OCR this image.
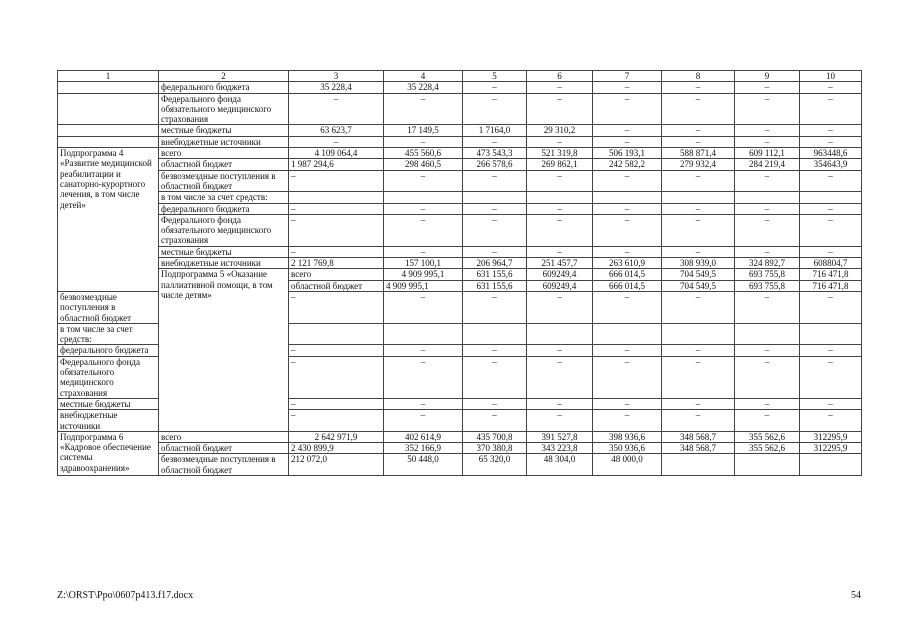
1	2	3	4	5	6	7	8	9	10	
	федерального бюджета	35 228,4	35 228,4	–	–	–	–	–	–	
	Федерального фонда обязательного медицинского страхования	–	–	–	–	–	–	–	–	
	местные бюджеты	63 623,7	17 149,5	1 7164,0	29 310,2	–	–	–	–	
	внебюджетные источники	–	–	–	–	–	–	–	–	
Подпрограмма 4 «Развитие медицинской реабилитации и санаторно-курортного лечения, в том числе детей»	всего	4 109 064,4	455 560,6	473 543,3	521 319,8	506 193,1	588 871,4	609 112,1	963448,6	
	областной бюджет	1 987 294,6	298 460,5	266 578,6	269 862,1	242 582,2	279 932,4	284 219,4	354643,9	
	безвозмездные поступления в областной бюджет	–	–	–	–	–	–	–	–	
	в том числе за счет средств:									
	федерального бюджета	–	–	–	–	–	–	–	–	
	Федерального фонда обязательного медицинского страхования	–	–	–	–	–	–	–	–	
	местные бюджеты	–	–	–	–	–	–	–	–	
	внебюджетные источники	2 121 769,8	157 100,1	206 964,7	251 457,7	263 610,9	308 939,0	324 892,7	608804,7	
	Подпрограмма 5 «Оказание паллиативной помощи, в том числе детям»	всего	4 909 995,1	631 155,6	609249,4	666 014,5	704 549,5	693 755,8	716 471,8	
		областной бюджет	4 909 995,1	631 155,6	609249,4	666 014,5	704 549,5	693 755,8	716 471,8	
безвозмездные поступления в областной бюджет		–	–	–	–	–	–	–	–	
в том числе за счет средств:										
федерального бюджета		–	–	–	–	–	–	–	–	
Федерального фонда обязательного медицинского страхования		–	–	–	–	–	–	–	–	
местные бюджеты		–	–	–	–	–	–	–	–	
внебюджетные источники		–	–	–	–	–	–	–	–	
Подпрограмма 6 «Кадровое обеспечение системы здравоохранения»	всего	2 642 971,9	402 614,9	435 700,8	391 527,8	398 936,6	348 568,7	355 562,6	312295,9	
	областной бюджет	2 430 899,9	352 166,9	370 380,8	343 223,8	350 936,6	348 568,7	355 562,6	312295,9	
	безвозмездные поступления в областной бюджет	212 072,0	50 448,0	65 320,0	48 304,0	48 000,0				
Z:\ORST\Ppo\0607p413.f17.docx	54
